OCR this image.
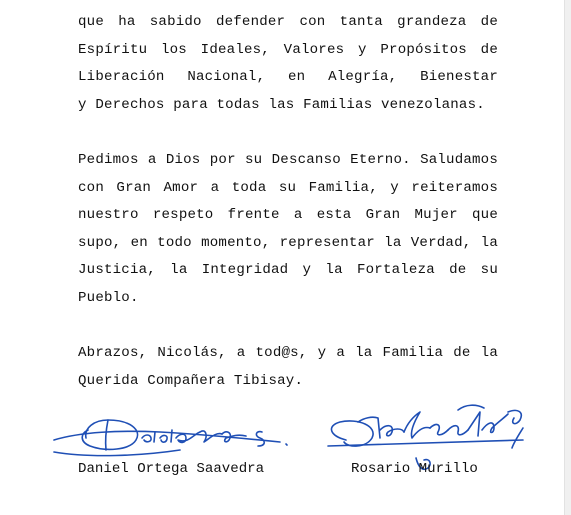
que ha sabido defender con tanta grandeza de
Espíritu los Ideales, Valores y Propósitos de
Liberación Nacional, en Alegría, Bienestar
y Derechos para todas las Familias venezolanas.
Pedimos a Dios por su Descanso Eterno. Saludamos
con Gran Amor a toda su Familia, y reiteramos
nuestro respeto frente a esta Gran Mujer que
supo, en todo momento, representar la Verdad, la
Justicia, la Integridad y la Fortaleza de su
Pueblo.
Abrazos, Nicolás, a tod@s, y a la Familia de la
Querida Compañera Tibisay.
Daniel Ortega Saavedra	Rosario Murillo
